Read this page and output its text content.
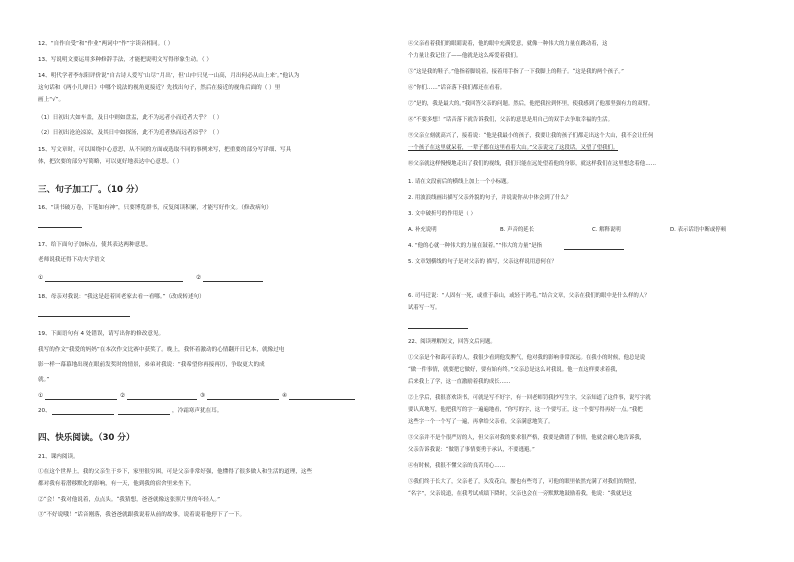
12、“自作自受”和“作业”两词中“作”字读音相同。（ ）
13、写说明文要运用多种修辞手法，才能把说明文写得形象生动。（ ）
14、明代学者李东阳评价说“自古诗人爱写‘山尽’‘月出’，但‘山中只见一山高，月出何必从山上来’。”他认为
这句话和《两小儿辩日》中哪个说法的视角更接近？先找出句子，然后在接近的视角后面的（ ）里
画上“√”。
（1）日初出大如车盖，及日中则如盘盂，此不为远者小而近者大乎？（ ）
（2）日初出沧沧凉凉，及其日中如探汤，此不为近者热而远者凉乎？（ ）
15、写文章时，可以围绕中心意思，从不同的方面或选取不同的事例来写，把重要的部分写详细、写具
体，把次要的部分写简略，可以更好地表达中心意思。（ ）
三、句子加工厂。（10 分）
16、“读书破万卷，下笔如有神”，只要博览群书，反复阅读积累，才能写好作文。（修改病句）
17、给下面句子加标点，使其表达两种意思。
老师说我还得下功夫学语文
①	②
18、母亲对我说：“我这是赶着回老家去看一看哪。”（改成转述句）
19、下面语句有 4 处错误，请写出你的修改意见。
我写的作文“我爱的妈妈”在本次作文比赛中获奖了。晚上，我怀着激动的心情翻开日记本，就像过电
影一样一幕幕地出现在眼前发奖时的情景，弟弟对我说：“我希望你再接再厉，争取更大的成
就。”
①	②	③	④
20、	，冷霜寒声犹在耳。
四、快乐阅读。（30 分）
21、课内阅读。
①在这个世界上，我的父亲生于乡下，家里很穷困，可是父亲非常好强，他懂得了很多做人和生活的道理，这些
都对我有着潜移默化的影响，有一天，他到我的宿舍里来坐下。
②“会！”我对他说着，点点头。“我猜想，爸爸就像这张照片里的年轻人。”
③“不好说哦！”话音刚落，我爸爸就跟我说着从前的故事，说着说着他停下了一下。
④父亲看着我们的眼睛说着，他的眼中充满爱意，就像一种伟大的力量在跳动着，这
个力量让我记住了——他就是这么疼爱着我们。
⑤“这是我的鞋子。”他指着脚说着，接着用手指了一下我脚上的鞋子。“这是我的两个孩子。”
⑥“你们……”话音落下我们都还在看着。
⑦“是的，我是最大的。”我回答父亲的问题。然后，他把我拉到怀里，使我感到了他那坚强有力的双臂。
⑧“不要多想！”话音落下就告诉我们，父亲的意思是用自己的双手去争取幸福的生活。
⑨父亲立刻就高兴了，接着说：“他是我最小的孩子，我要让我的孩子们都走出这个大山，我不会让任何
一个孩子在这里就呆着，一辈子都在这里看着大山。”父亲说完了这段话，又望了望我们。
⑩父亲就这样慢慢地走出了我们的视线，我们只能在远处望着他的身影，就这样我们在这里想念着他……
1. 请在文段前后的横线上加上一个小标题。
2. 用波浪线画出描写父亲外貌的句子，并说说你从中体会到了什么？
3. 文中破折号的作用是（ ）
A. 补充说明	B. 声音的延长	C. 解释说明	D. 表示话语中断或停顿
4. “他的心就一种伟大的力量在鼓着。”“伟大的力量”是指
5. 文章划横线的句子是对父亲的 描写，父亲这样说用意何在？
6. 司马迁说：“人固有一死，或重于泰山，或轻于鸿毛。”结合文章，父亲在我们的眼中是什么样的人？
试着写一写。
22、阅读理解短文，回答文后问题。
①父亲是个和蔼可亲的人，我很少看到他发脾气，他对我的影响非常深远。在我小的时候，他总是说
“做一件事情，就要把它做好，要有始有终。”父亲总是这么对我说。他一直这样要求着我，
后来我上了学，这一直激励着我的成长……
②上学后，我很喜欢读书，可就是写不好字，有一回老师罚我抄写生字，父亲知道了这件事，说写字就
要认真地写，他把我写的字一遍遍地看，“你写的字，这一个要写正，这一个要写得再好一点。”我把
这些字一个一个写了一遍，再拿给父亲看，父亲满意地笑了。
③父亲并不是个很严厉的人，但父亲对我的要求很严格，我要是做错了事情，他就会耐心地告诉我，
父亲告诉我说：“做错了事情要勇于承认，不要逃避。”
④有时候，我很不懂父亲的良苦用心……
⑤我们终于长大了，父亲老了，头发花白，腰也有些弯了，可他的眼里依然充满了对我们的期望，
“名字”，父亲说道，在我考试成绩下降时，父亲也会在一旁默默地鼓励着我，他说：“我就是这
